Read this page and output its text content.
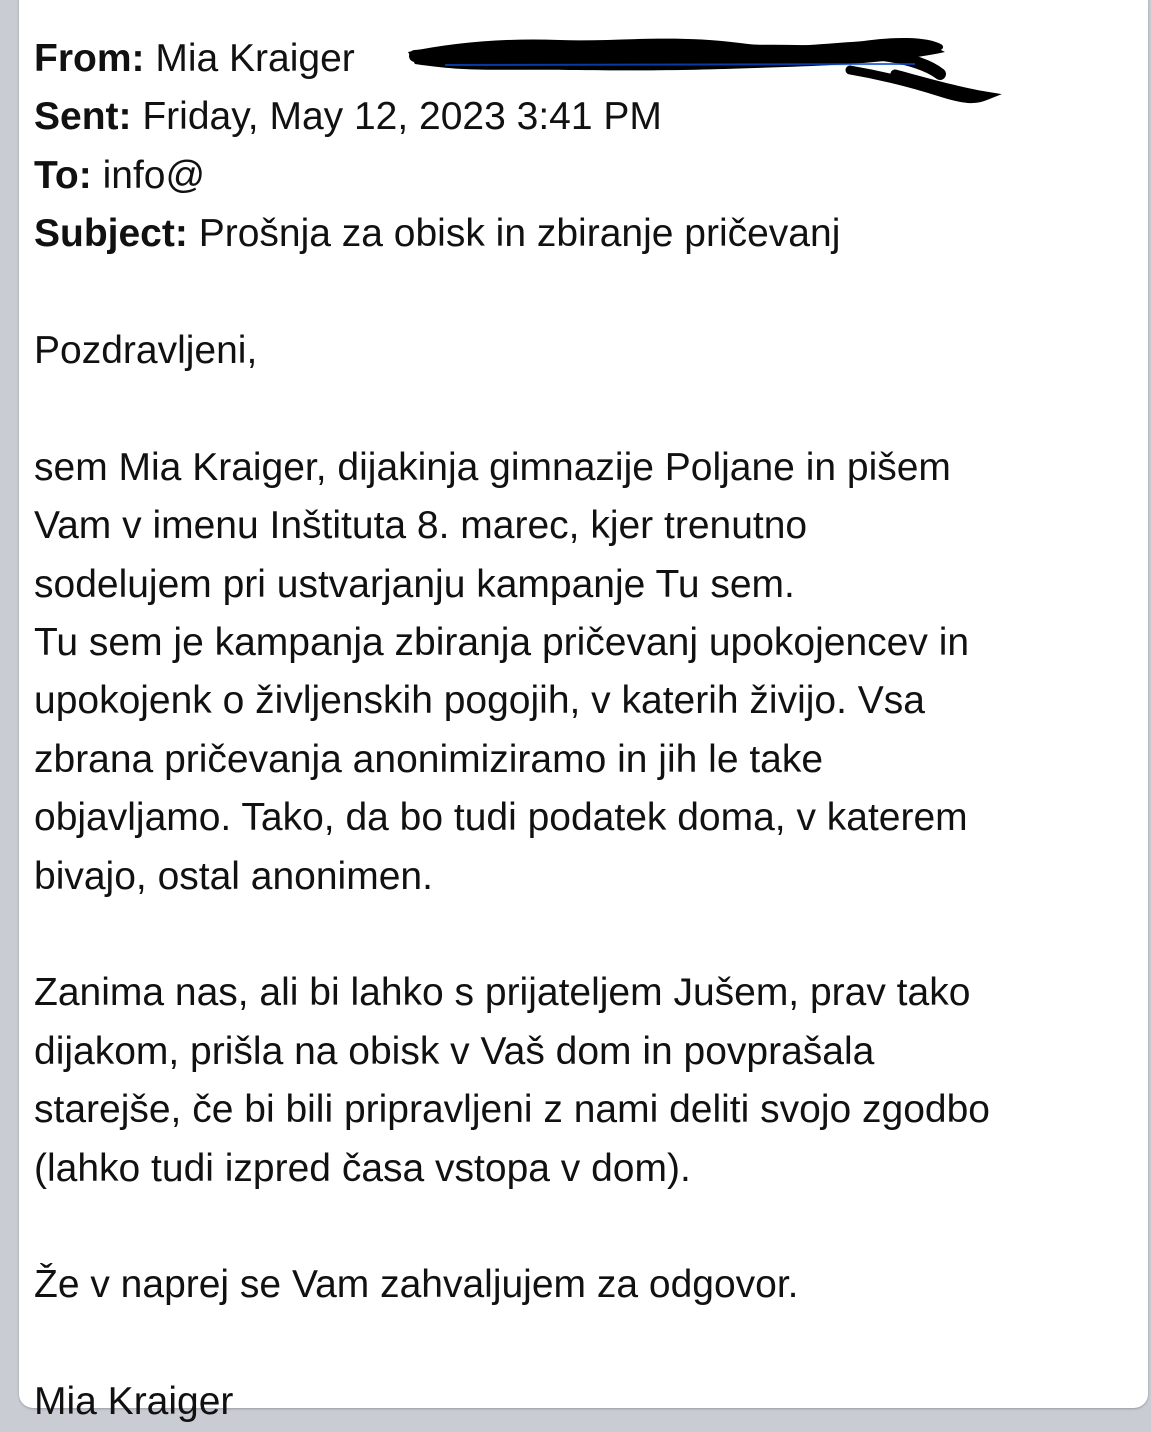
From: Mia Kraiger
Sent: Friday, May 12, 2023 3:41 PM
To: info@
Subject: Prošnja za obisk in zbiranje pričevanj

Pozdravljeni,

sem Mia Kraiger, dijakinja gimnazije Poljane in pišem
Vam v imenu Inštituta 8. marec, kjer trenutno
sodelujem pri ustvarjanju kampanje Tu sem.

Tu sem je kampanja zbiranja pričevanj upokojencev in
upokojenk o življenskih pogojih, v katerih živijo. Vsa
zbrana pričevanja anonimiziramo in jih le take
objavljamo. Tako, da bo tudi podatek doma, v katerem
bivajo, ostal anonimen.

Zanima nas, ali bi lahko s prijateljem Jušem, prav tako
dijakom, prišla na obisk v Vaš dom in povprašala
starejše, če bi bili pripravljeni z nami deliti svojo zgodbo
(lahko tudi izpred časa vstopa v dom).

Že v naprej se Vam zahvaljujem za odgovor.

Mia Kraiger
